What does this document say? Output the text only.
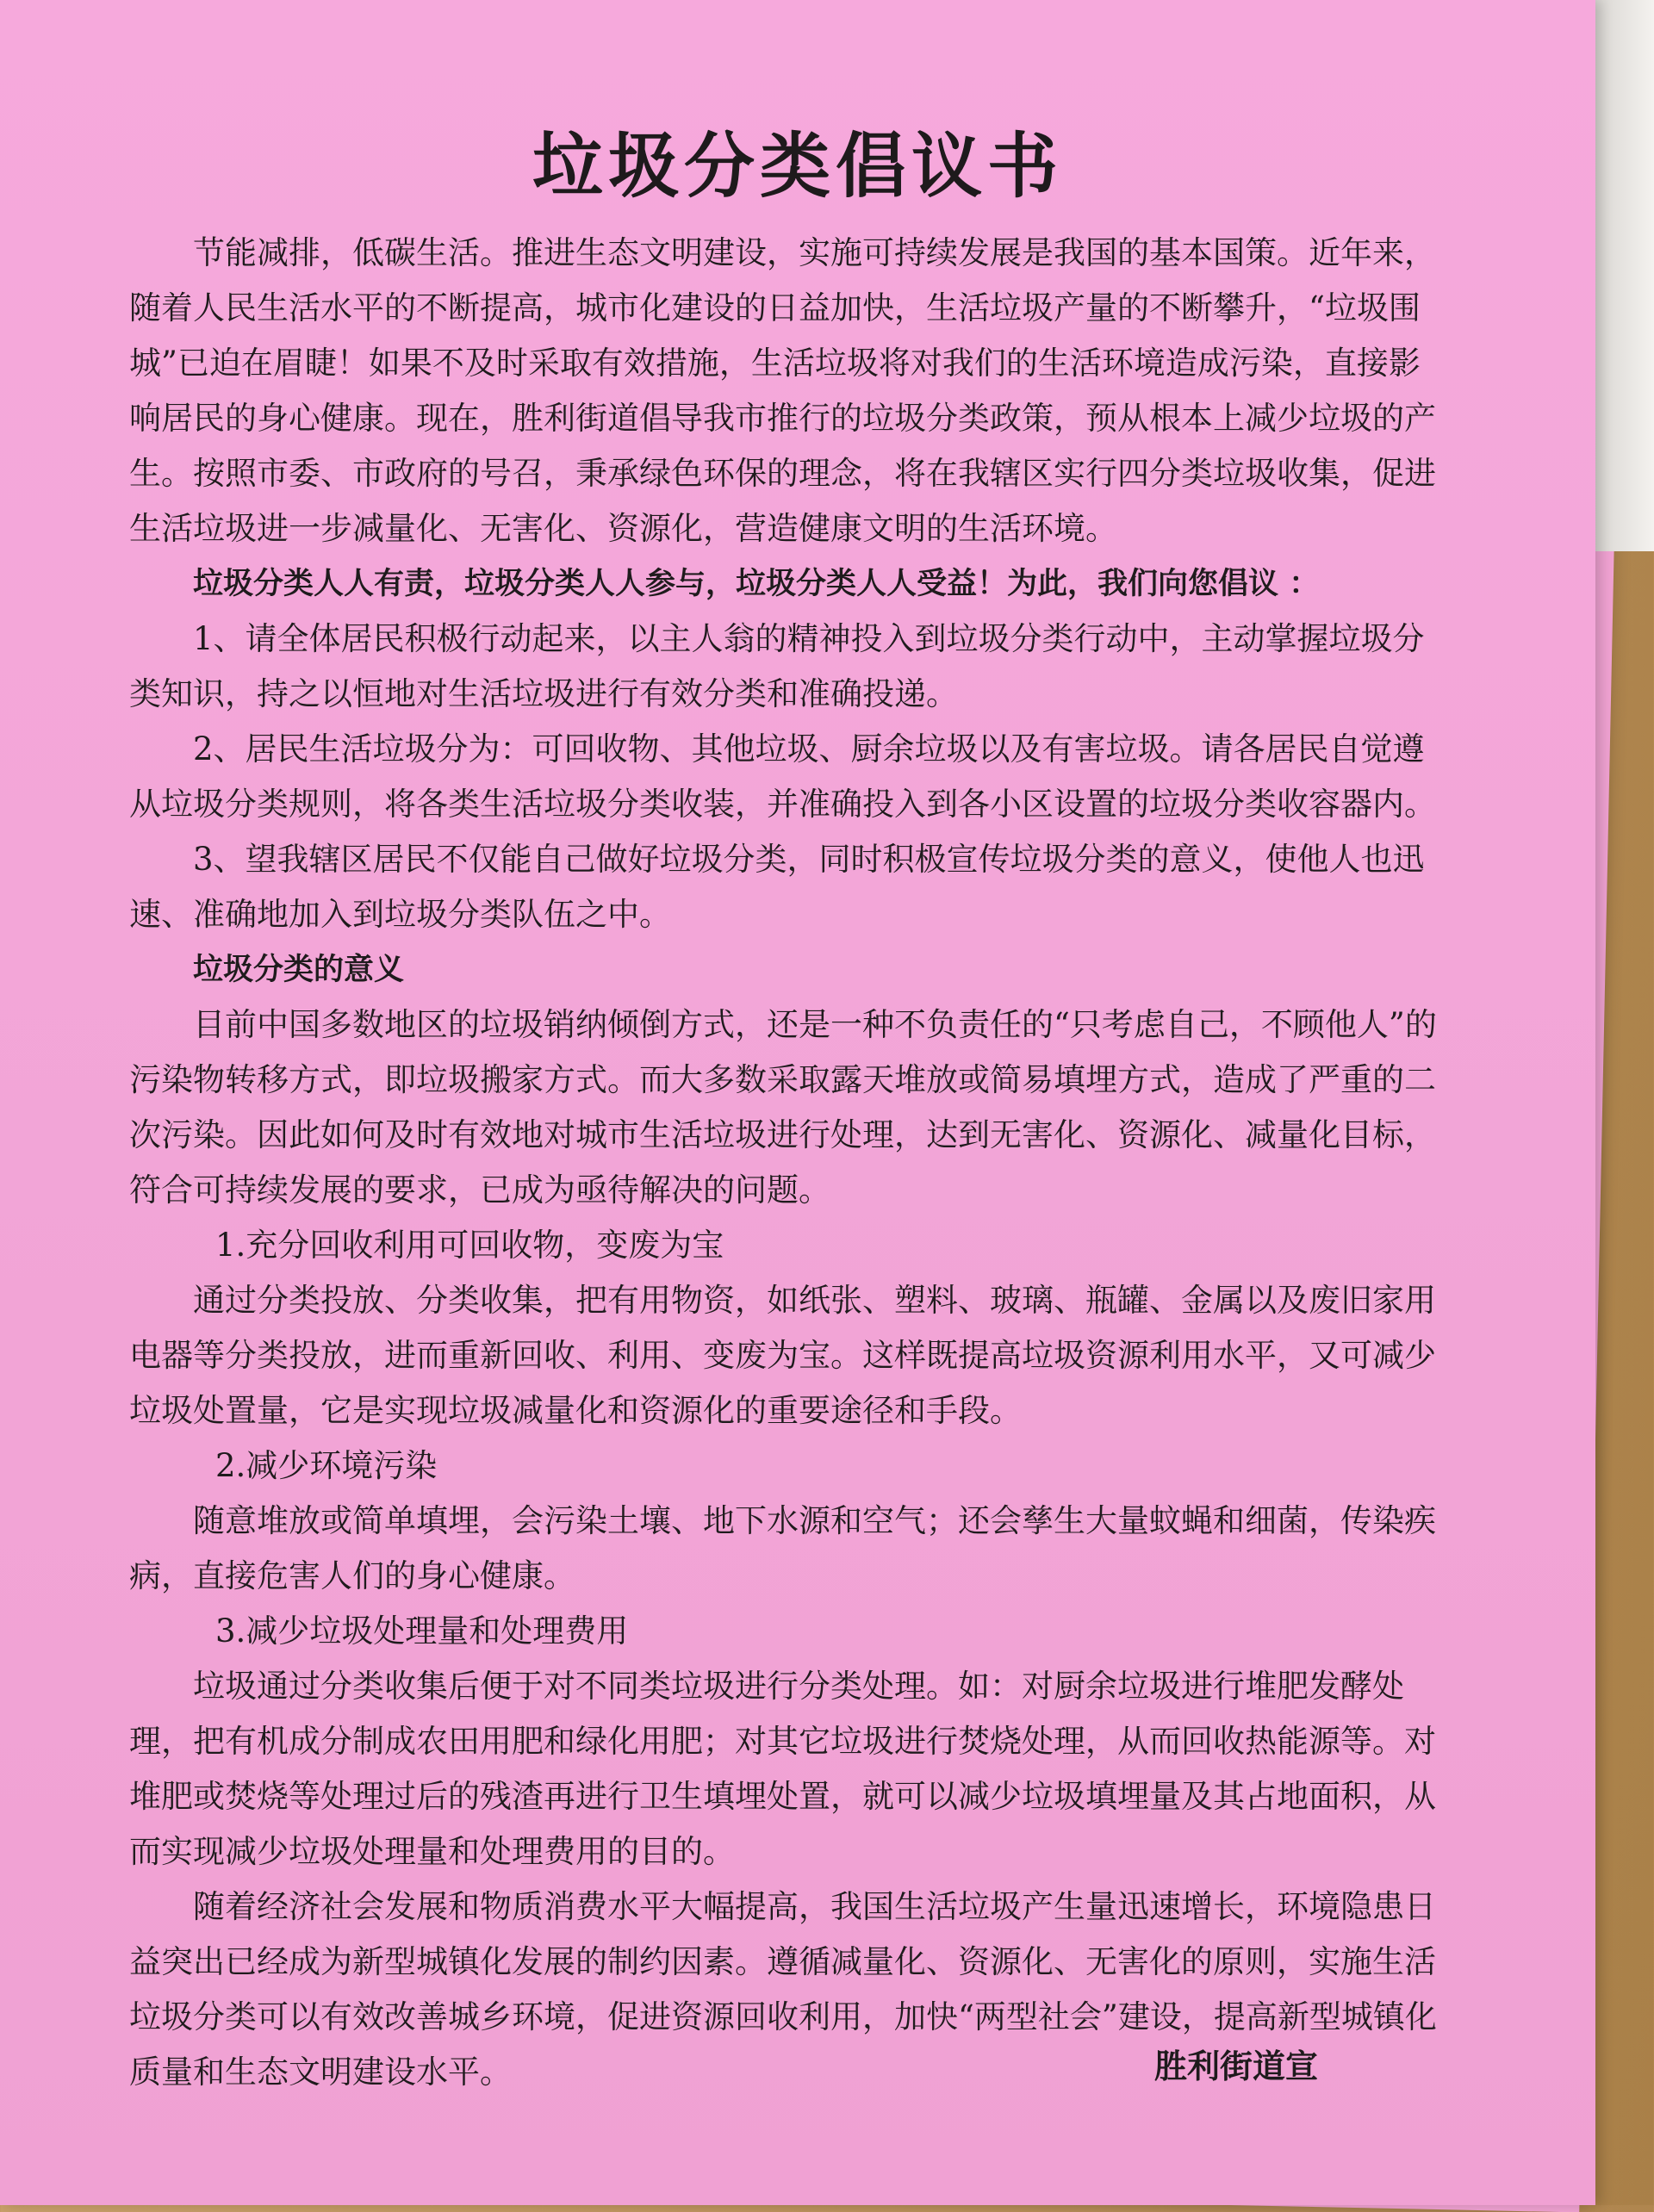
垃圾分类倡议书

节能减排，低碳生活。推进生态文明建设，实施可持续发展是我国的基本国策。近年来，随着人民生活水平的不断提高，城市化建设的日益加快，生活垃圾产量的不断攀升，“垃圾围城”已迫在眉睫！如果不及时采取有效措施，生活垃圾将对我们的生活环境造成污染，直接影响居民的身心健康。现在，胜利街道倡导我市推行的垃圾分类政策，预从根本上减少垃圾的产生。按照市委、市政府的号召，秉承绿色环保的理念，将在我辖区实行四分类垃圾收集，促进生活垃圾进一步减量化、无害化、资源化，营造健康文明的生活环境。

垃圾分类人人有责，垃圾分类人人参与，垃圾分类人人受益！为此，我们向您倡议 ：

1、请全体居民积极行动起来，以主人翁的精神投入到垃圾分类行动中，主动掌握垃圾分类知识，持之以恒地对生活垃圾进行有效分类和准确投递。

2、居民生活垃圾分为：可回收物、其他垃圾、厨余垃圾以及有害垃圾。请各居民自觉遵从垃圾分类规则，将各类生活垃圾分类收装，并准确投入到各小区设置的垃圾分类收容器内。

3、望我辖区居民不仅能自己做好垃圾分类，同时积极宣传垃圾分类的意义，使他人也迅速、准确地加入到垃圾分类队伍之中。

垃圾分类的意义

目前中国多数地区的垃圾销纳倾倒方式，还是一种不负责任的“只考虑自己，不顾他人”的污染物转移方式，即垃圾搬家方式。而大多数采取露天堆放或简易填埋方式，造成了严重的二次污染。因此如何及时有效地对城市生活垃圾进行处理，达到无害化、资源化、减量化目标，符合可持续发展的要求，已成为亟待解决的问题。

1.充分回收利用可回收物，变废为宝

通过分类投放、分类收集，把有用物资，如纸张、塑料、玻璃、瓶罐、金属以及废旧家用电器等分类投放，进而重新回收、利用、变废为宝。这样既提高垃圾资源利用水平，又可减少垃圾处置量，它是实现垃圾减量化和资源化的重要途径和手段。

2.减少环境污染

随意堆放或简单填埋，会污染土壤、地下水源和空气；还会孳生大量蚊蝇和细菌，传染疾病，直接危害人们的身心健康。

3.减少垃圾处理量和处理费用

垃圾通过分类收集后便于对不同类垃圾进行分类处理。如：对厨余垃圾进行堆肥发酵处理，把有机成分制成农田用肥和绿化用肥；对其它垃圾进行焚烧处理，从而回收热能源等。对堆肥或焚烧等处理过后的残渣再进行卫生填埋处置，就可以减少垃圾填埋量及其占地面积，从而实现减少垃圾处理量和处理费用的目的。

随着经济社会发展和物质消费水平大幅提高，我国生活垃圾产生量迅速增长，环境隐患日益突出已经成为新型城镇化发展的制约因素。遵循减量化、资源化、无害化的原则，实施生活垃圾分类可以有效改善城乡环境，促进资源回收利用，加快“两型社会”建设，提高新型城镇化质量和生态文明建设水平。	胜利街道宣
